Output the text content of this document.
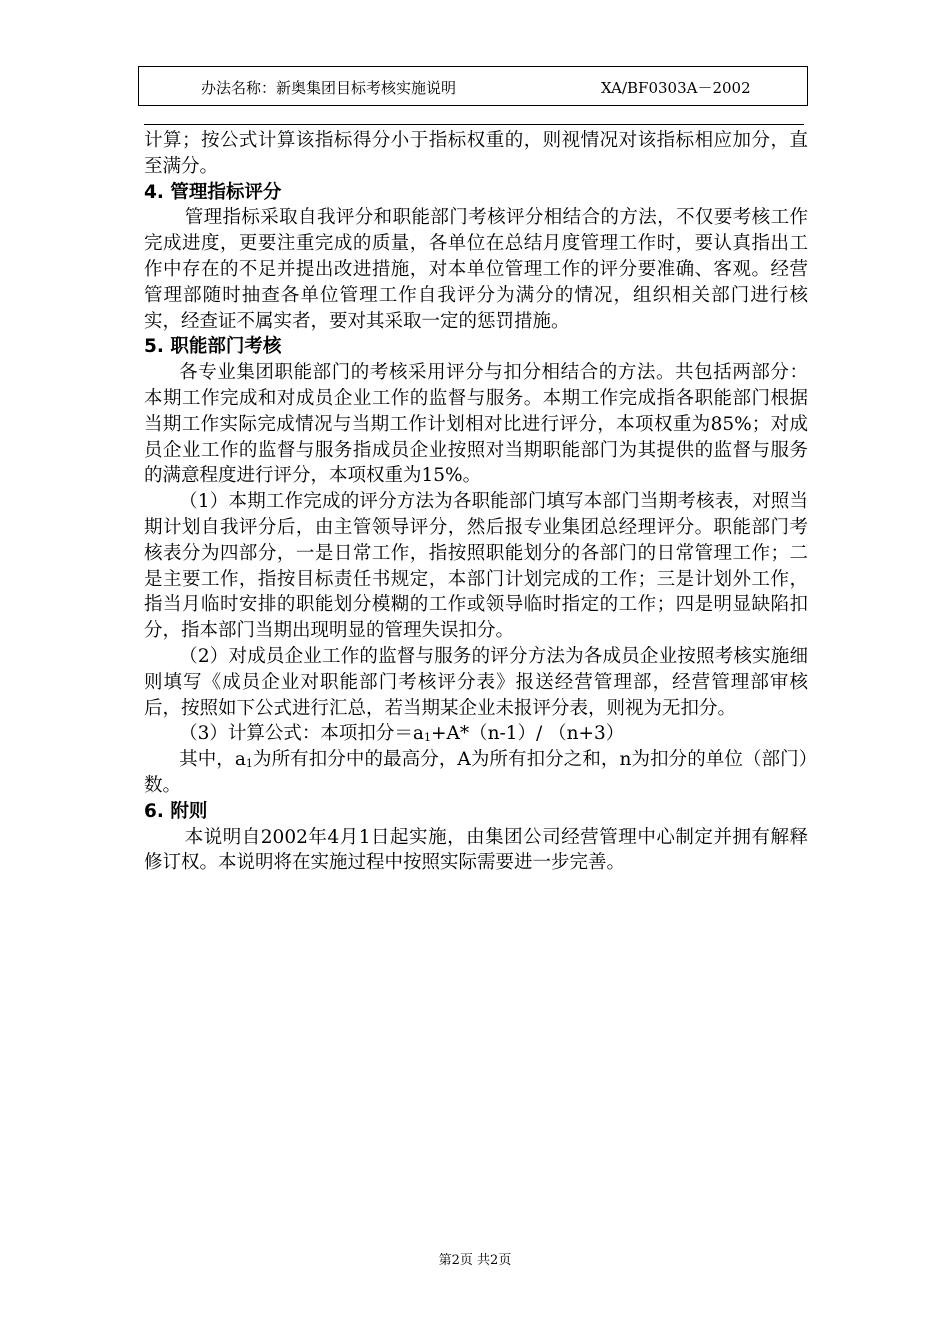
办法名称：新奥集团目标考核实施说明	XA/BF0303A－2002

计算；按公式计算该指标得分小于指标权重的，则视情况对该指标相应加分，直至满分。

4. 管理指标评分

管理指标采取自我评分和职能部门考核评分相结合的方法，不仅要考核工作完成进度，更要注重完成的质量，各单位在总结月度管理工作时，要认真指出工作中存在的不足并提出改进措施，对本单位管理工作的评分要准确、客观。经营管理部随时抽查各单位管理工作自我评分为满分的情况，组织相关部门进行核实，经查证不属实者，要对其采取一定的惩罚措施。

5. 职能部门考核

各专业集团职能部门的考核采用评分与扣分相结合的方法。共包括两部分：本期工作完成和对成员企业工作的监督与服务。本期工作完成指各职能部门根据当期工作实际完成情况与当期工作计划相对比进行评分，本项权重为85%；对成员企业工作的监督与服务指成员企业按照对当期职能部门为其提供的监督与服务的满意程度进行评分，本项权重为15%。

（1）本期工作完成的评分方法为各职能部门填写本部门当期考核表，对照当期计划自我评分后，由主管领导评分，然后报专业集团总经理评分。职能部门考核表分为四部分，一是日常工作，指按照职能划分的各部门的日常管理工作；二是主要工作，指按目标责任书规定，本部门计划完成的工作；三是计划外工作，指当月临时安排的职能划分模糊的工作或领导临时指定的工作；四是明显缺陷扣分，指本部门当期出现明显的管理失误扣分。

（2）对成员企业工作的监督与服务的评分方法为各成员企业按照考核实施细则填写《成员企业对职能部门考核评分表》报送经营管理部，经营管理部审核后，按照如下公式进行汇总，若当期某企业未报评分表，则视为无扣分。

（3）计算公式：本项扣分$=a_1+A*(n-1)/$ （n+3）

其中，$a_1$为所有扣分中的最高分，A为所有扣分之和，n为扣分的单位（部门）数。

6. 附则

本说明自2002年4月1日起实施，由集团公司经营管理中心制定并拥有解释修订权。本说明将在实施过程中按照实际需要进一步完善。

第2页 共2页
